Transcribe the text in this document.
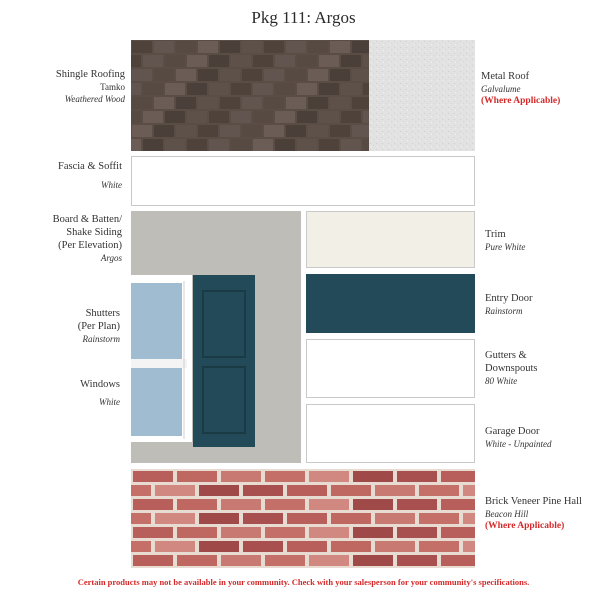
Pkg 111: Argos
Shingle Roofing
Tamko
Weathered Wood
Fascia & Soffit
White
Board & Batten/
Shake Siding
(Per Elevation)
Argos
Shutters
(Per Plan)
Rainstorm
Windows
White
Metal Roof
Galvalume
(Where Applicable)
Trim
Pure White
Entry Door
Rainstorm
Gutters &
Downspouts
80 White
Garage Door
White - Unpainted
Brick Veneer Pine Hall
Beacon Hill
(Where Applicable)
Certain products may not be available in your community. Check with your salesperson for your community's specifications.
